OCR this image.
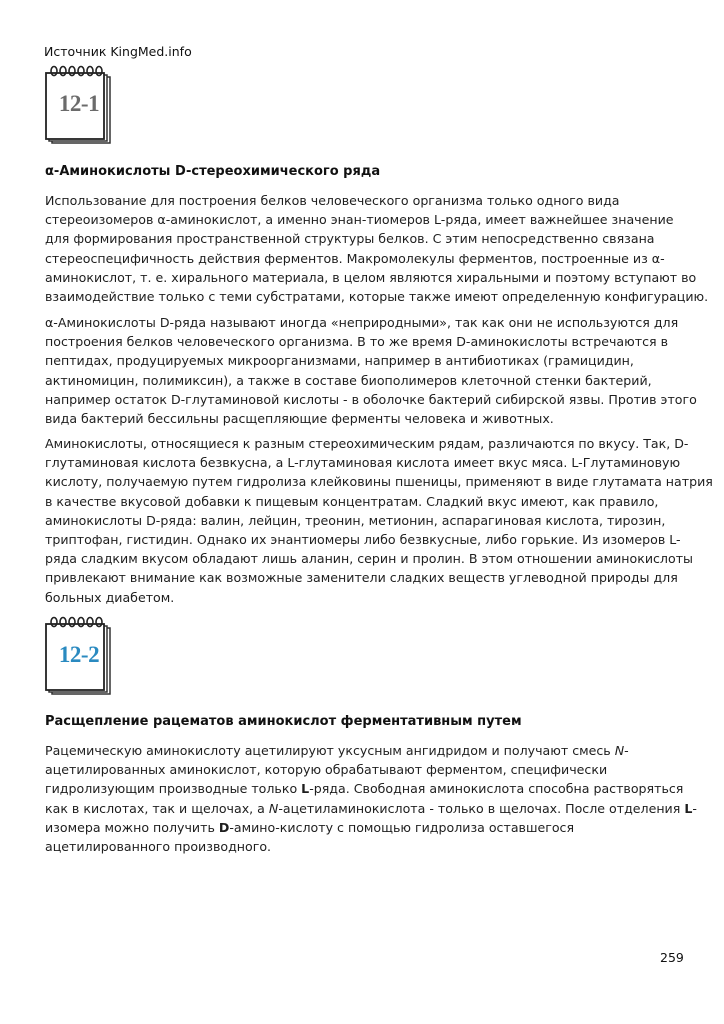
Источник KingMed.info
12-1
α-Аминокислоты D-стереохимического ряда

Использование для построения белков человеческого организма только одного вида
стереоизомеров α-аминокислот, а именно энан-тиомеров L-ряда, имеет важнейшее значение
для формирования пространственной структуры белков. С этим непосредственно связана
стереоспецифичность действия ферментов. Макромолекулы ферментов, построенные из α-
аминокислот, т. е. хирального материала, в целом являются хиральными и поэтому вступают во
взаимодействие только с теми субстратами, которые также имеют определенную конфигурацию.

α-Аминокислоты D-ряда называют иногда «неприродными», так как они не используются для
построения белков человеческого организма. В то же время D-аминокислоты встречаются в
пептидах, продуцируемых микроорганизмами, например в антибиотиках (грамицидин,
актиномицин, полимиксин), а также в составе биополимеров клеточной стенки бактерий,
например остаток D-глутаминовой кислоты - в оболочке бактерий сибирской язвы. Против этого
вида бактерий бессильны расщепляющие ферменты человека и животных.

Аминокислоты, относящиеся к разным стереохимическим рядам, различаются по вкусу. Так, D-
глутаминовая кислота безвкусна, а L-глутаминовая кислота имеет вкус мяса. L-Глутаминовую
кислоту, получаемую путем гидролиза клейковины пшеницы, применяют в виде глутамата натрия
в качестве вкусовой добавки к пищевым концентратам. Сладкий вкус имеют, как правило,
аминокислоты D-ряда: валин, лейцин, треонин, метионин, аспарагиновая кислота, тирозин,
триптофан, гистидин. Однако их энантиомеры либо безвкусные, либо горькие. Из изомеров L-
ряда сладким вкусом обладают лишь аланин, серин и пролин. В этом отношении аминокислоты
привлекают внимание как возможные заменители сладких веществ углеводной природы для
больных диабетом.

12-2
Расщепление рацематов аминокислот ферментативным путем

Рацемическую аминокислоту ацетилируют уксусным ангидридом и получают смесь N-
ацетилированных аминокислот, которую обрабатывают ферментом, специфически
гидролизующим производные только L-ряда. Свободная аминокислота способна растворяться
как в кислотах, так и щелочах, а N-ацетиламинокислота - только в щелочах. После отделения L-
изомера можно получить D-амино-кислоту с помощью гидролиза оставшегося
ацетилированного производного.

259
